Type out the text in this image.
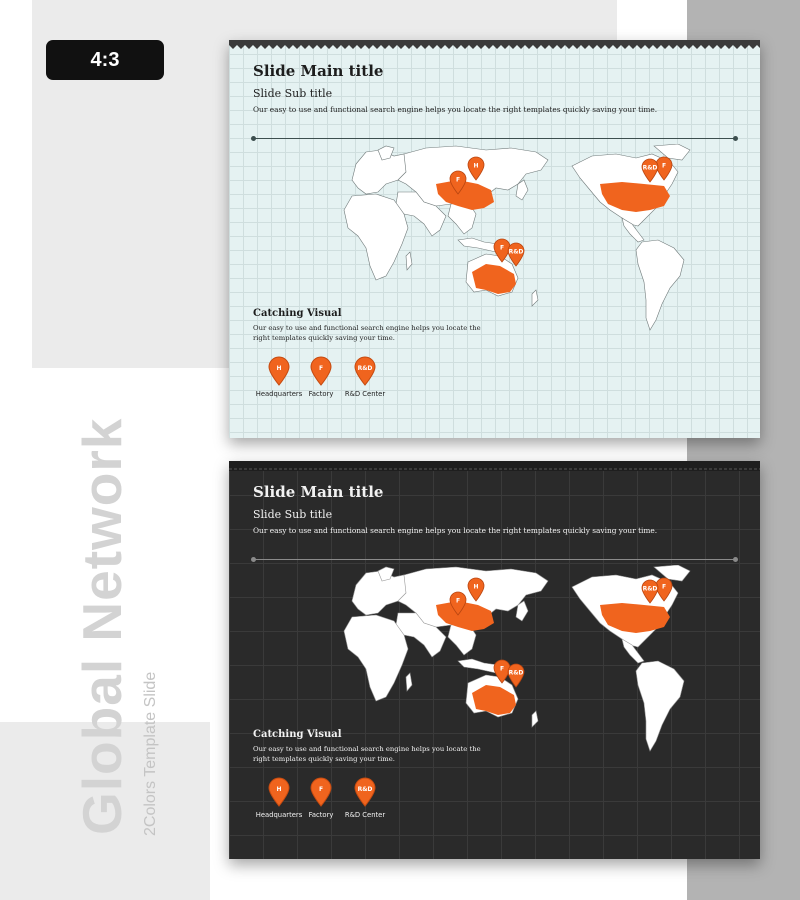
4:3
Global Network 2Colors Template Slide
Slide Main title
Slide Sub title
Our easy to use and functional search engine helps you locate the right templates quickly saving your time.
H
F
F
R&D
F
R&D
Catching Visual
Our easy to use and functional search engine helps you locate the right templates quickly saving your time.
H
Headquarters
F
Factory
R&D
R&D Center
Slide Main title
Slide Sub title
Our easy to use and functional search engine helps you locate the right templates quickly saving your time.
H
F
F
R&D
F
R&D
Catching Visual
Our easy to use and functional search engine helps you locate the right templates quickly saving your time.
H
Headquarters
F
Factory
R&D
R&D Center
